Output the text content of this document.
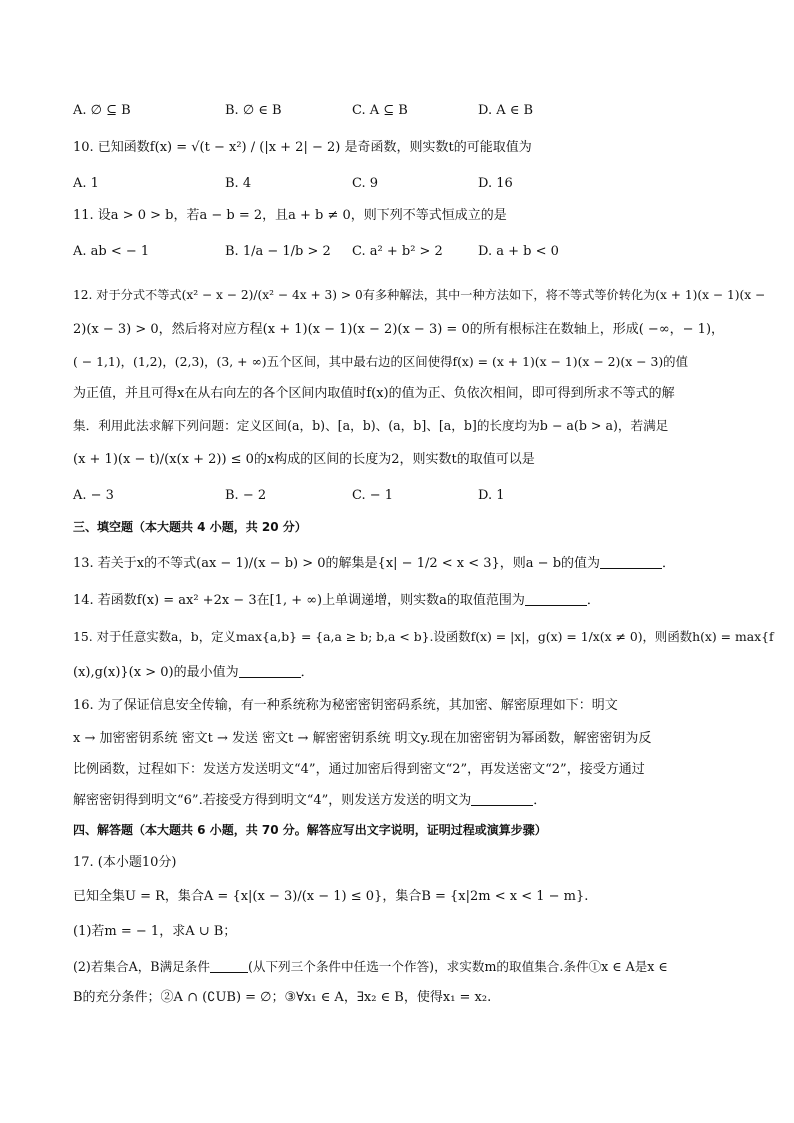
A. ∅ ⊆ B	B. ∅ ∈ B	C. A ⊆ B	D. A ∈ B
10. 已知函数f(x) = √(t − x²) / (|x + 2| − 2) 是奇函数，则实数t的可能取值为
A. 1	B. 4	C. 9	D. 16
11. 设a > 0 > b，若a − b = 2，且a + b ≠ 0，则下列不等式恒成立的是
A. ab < − 1	B. 1/a − 1/b > 2 C. a² + b² > 2	D. a + b < 0
12. 对于分式不等式(x² − x − 2)/(x² − 4x + 3) > 0有多种解法，其中一种方法如下，将不等式等价转化为(x + 1)(x − 1)(x −
2)(x − 3) > 0，然后将对应方程(x + 1)(x − 1)(x − 2)(x − 3) = 0的所有根标注在数轴上，形成( −∞，− 1)，
( − 1,1)，(1,2)，(2,3)，(3, + ∞)五个区间，其中最右边的区间使得f(x) = (x + 1)(x − 1)(x − 2)(x − 3)的值
为正值，并且可得x在从右向左的各个区间内取值时f(x)的值为正、负依次相间，即可得到所求不等式的解
集．利用此法求解下列问题：定义区间(a，b)、[a，b)、(a，b]、[a，b]的长度均为b − a(b > a)，若满足
(x + 1)(x − t)/(x(x + 2)) ≤ 0的x构成的区间的长度为2，则实数t的取值可以是
A. − 3	B. − 2	C. − 1	D. 1
三、填空题（本大题共 4 小题，共 20 分）
13. 若关于x的不等式(ax − 1)/(x − b) > 0的解集是{x| − 1/2 < x < 3}，则a − b的值为	．
14. 若函数f(x) = ax² +2x − 3在[1, + ∞)上单调递增，则实数a的取值范围为	．
15. 对于任意实数a，b，定义max{a,b} = {a,a ≥ b; b,a < b}.设函数f(x) = |x|，g(x) = 1/x(x ≠ 0)，则函数h(x) = max{f
(x),g(x)}(x > 0)的最小值为	．
16. 为了保证信息安全传输，有一种系统称为秘密密钥密码系统，其加密、解密原理如下：明文
x → 加密密钥系统 密文t → 发送 密文t → 解密密钥系统 明文y.现在加密密钥为幂函数，解密密钥为反
比例函数，过程如下：发送方发送明文“4”，通过加密后得到密文“2”，再发送密文“2”，接受方通过
解密密钥得到明文“6”.若接受方得到明文“4”，则发送方发送的明文为	．
四、解答题（本大题共 6 小题，共 70 分。解答应写出文字说明，证明过程或演算步骤）
17. (本小题10分)
已知全集U = R，集合A = {x|(x − 3)/(x − 1) ≤ 0}，集合B = {x|2m < x < 1 − m}.
(1)若m = − 1，求A ∪ B；
(2)若集合A，B满足条件	(从下列三个条件中任选一个作答)，求实数m的取值集合.条件①x ∈ A是x ∈
B的充分条件；②A ∩ (∁UB) = ∅；③∀x₁ ∈ A，∃x₂ ∈ B，使得x₁ = x₂.
